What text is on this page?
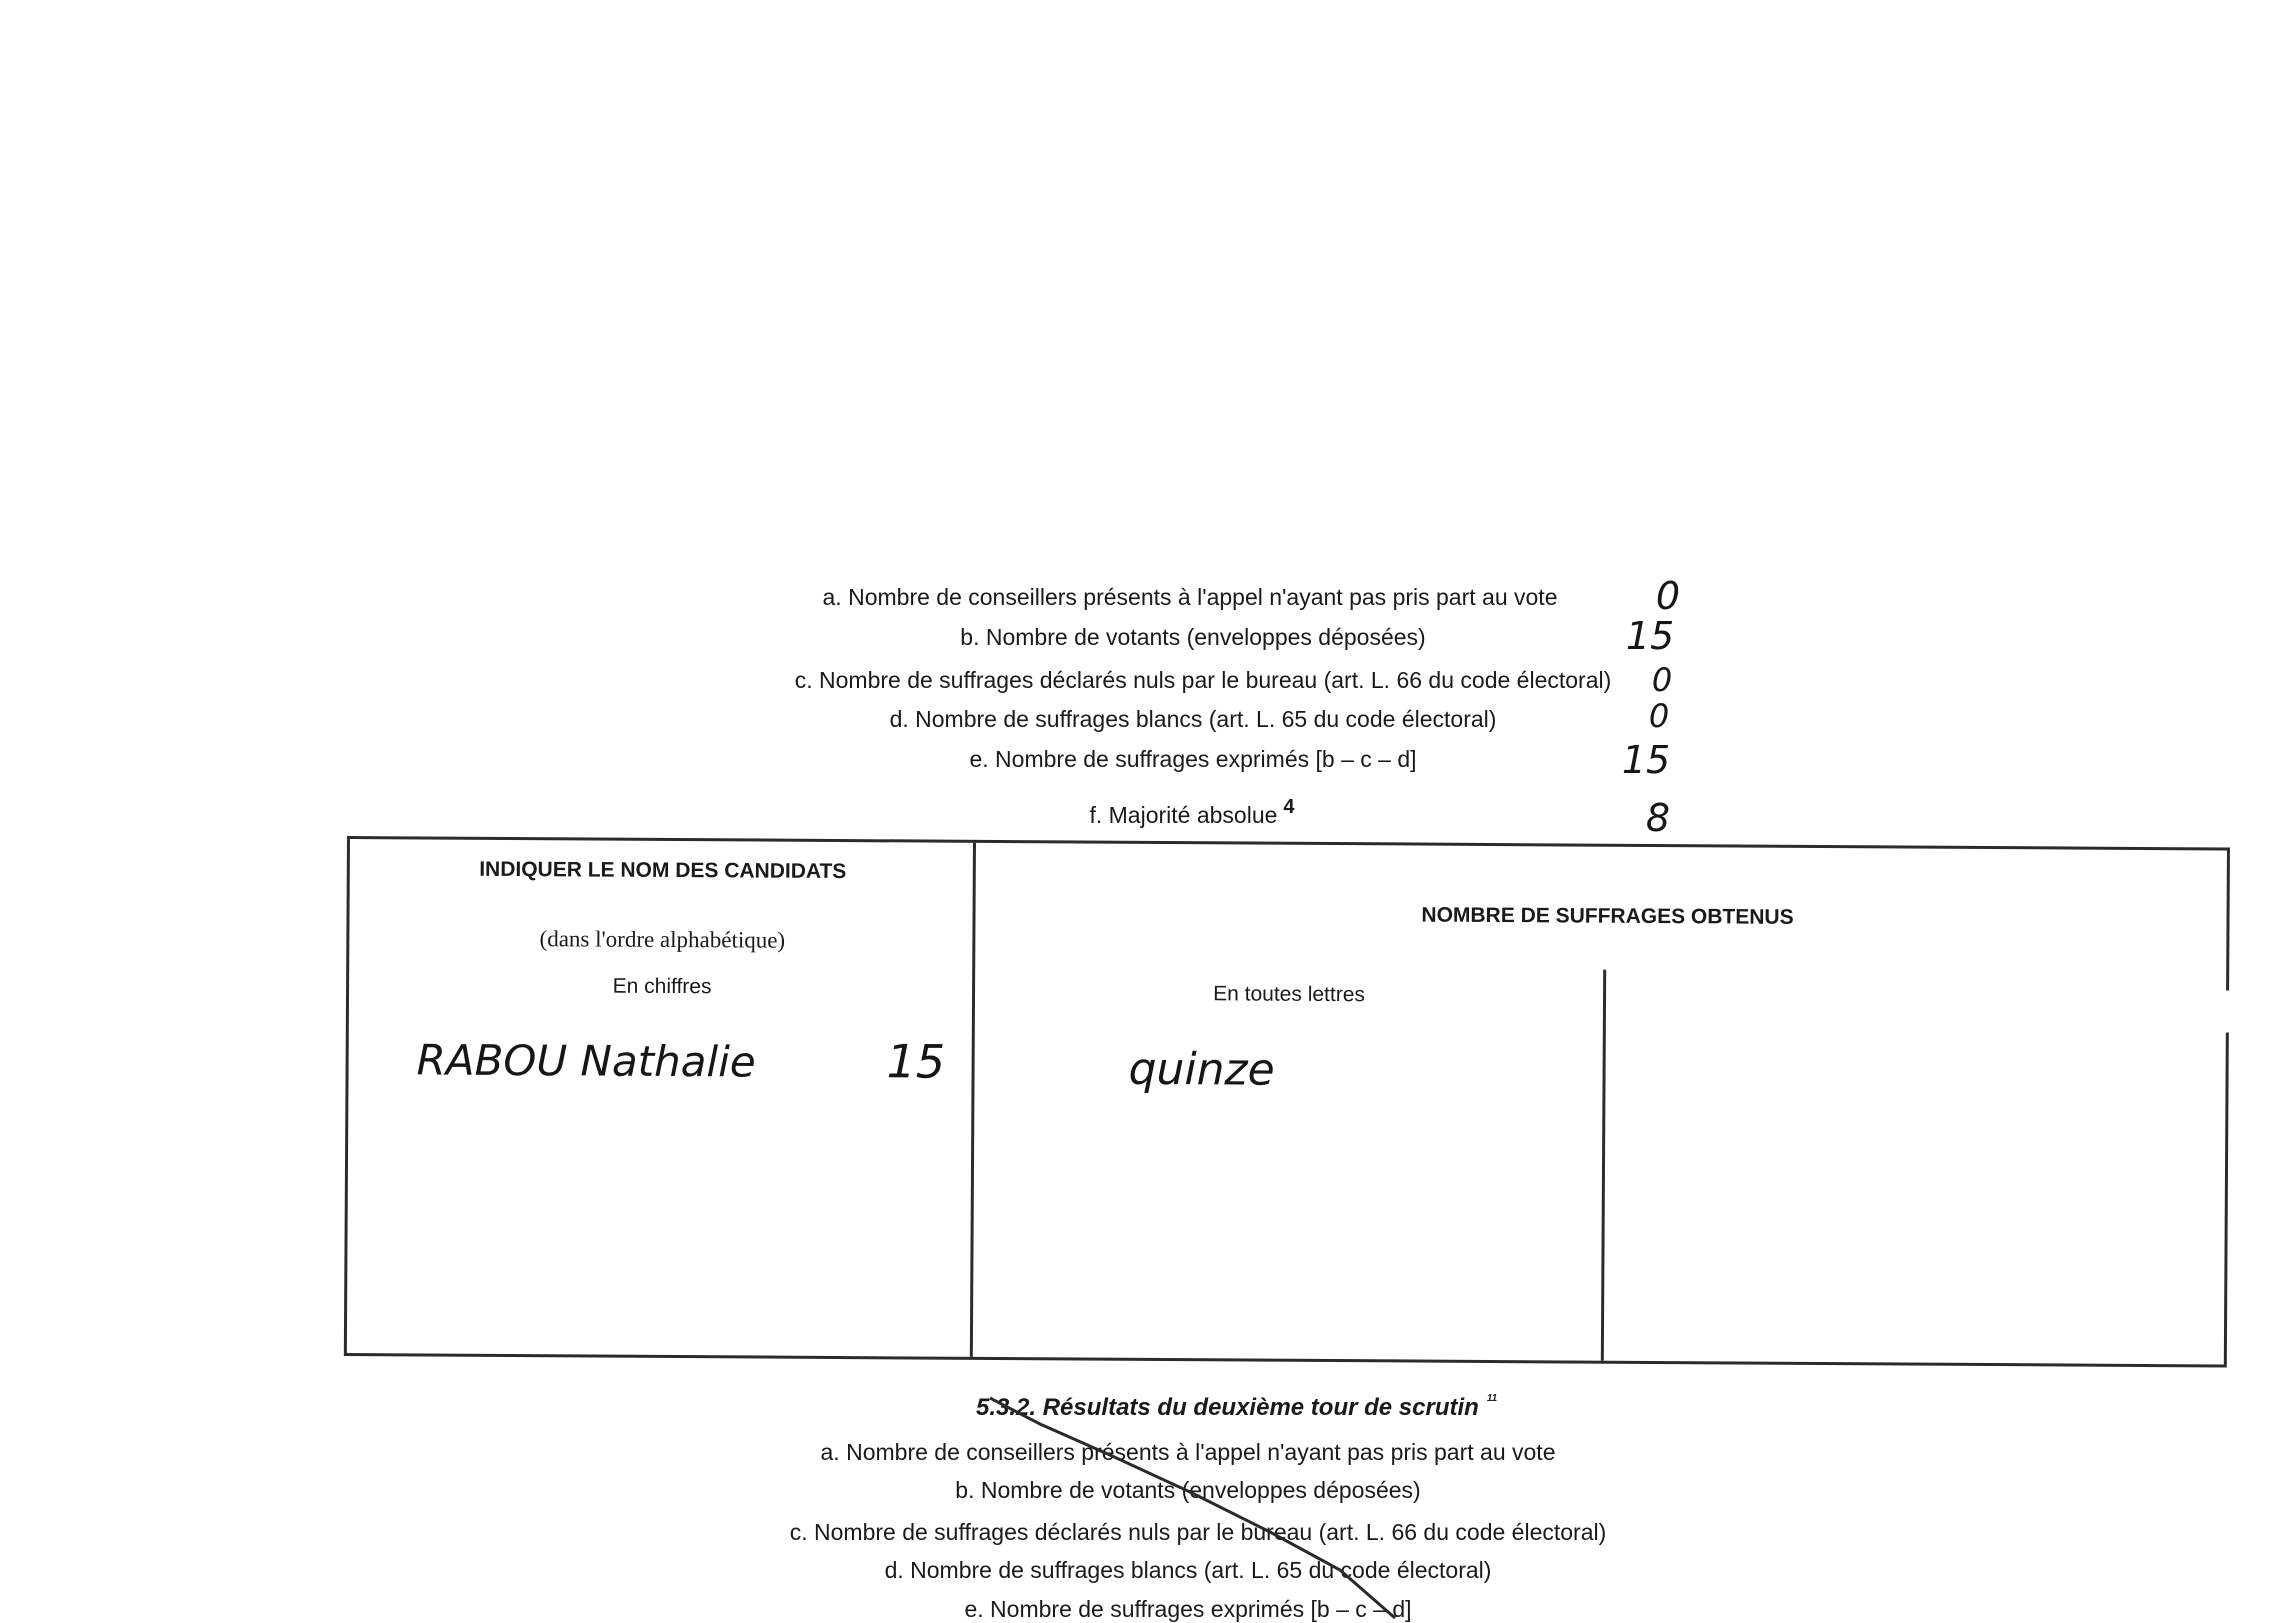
a. Nombre de conseillers présents à l'appel n'ayant pas pris part au vote	0
b. Nombre de votants (enveloppes déposées)	15
c. Nombre de suffrages déclarés nuls par le bureau (art. L. 66 du code électoral) 0
d. Nombre de suffrages blancs (art. L. 65 du code électoral)	0
e. Nombre de suffrages exprimés [b – c – d]	15
f. Majorité absolue $^4$	8
INDIQUER LE NOM DES CANDIDATS
(dans l'ordre alphabétique)
En chiffres
NOMBRE DE SUFFRAGES OBTENUS
En toutes lettres
RABOU Nathalie	15	quinze
5.3.2. Résultats du deuxième tour de scrutin $^{11}$
a. Nombre de conseillers présents à l'appel n'ayant pas pris part au vote
b. Nombre de votants (enveloppes déposées)
c. Nombre de suffrages déclarés nuls par le bureau (art. L. 66 du code électoral)
d. Nombre de suffrages blancs (art. L. 65 du code électoral)
e. Nombre de suffrages exprimés [b – c – d]
